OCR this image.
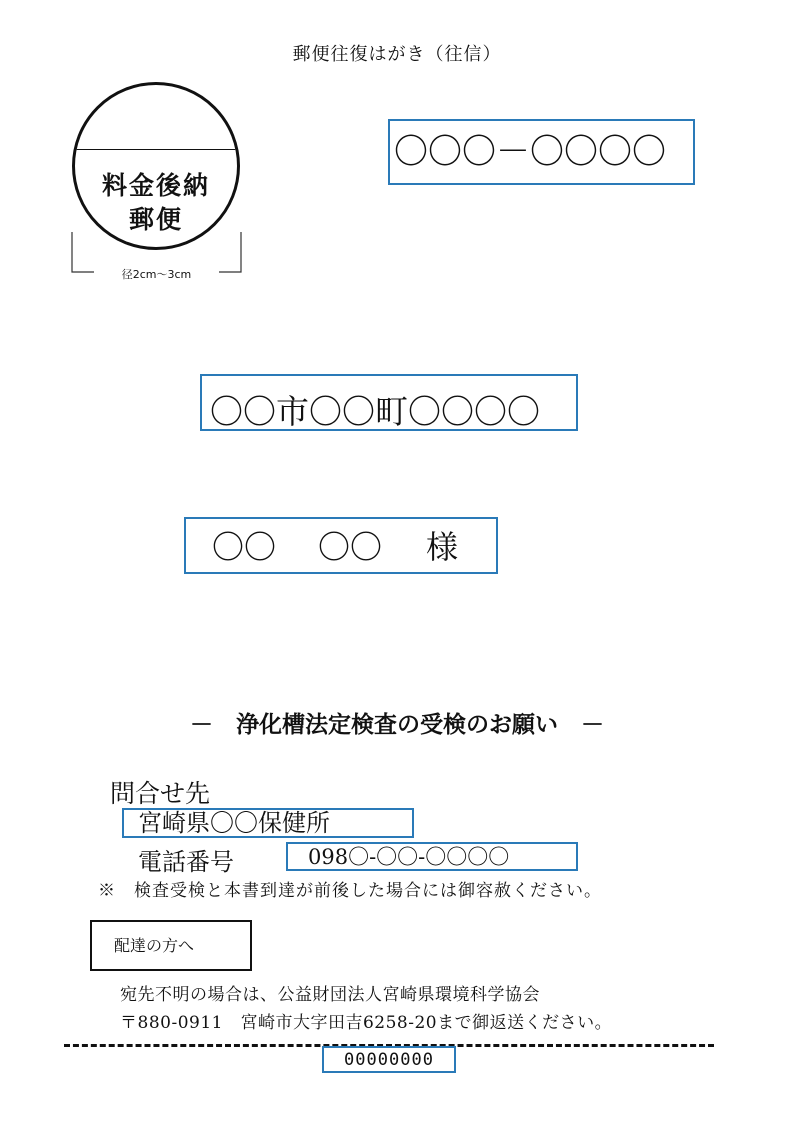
郵便往復はがき（往信）
料金後納
郵便
径2cm～3cm
〇〇〇－〇〇〇〇
〇〇市〇〇町〇〇〇〇
〇〇 〇〇 様
－　浄化槽法定検査の受検のお願い　－
問合せ先
宮崎県〇〇保健所
電話番号	098〇-〇〇-〇〇〇〇
※　検査受検と本書到達が前後した場合には御容赦ください。
配達の方へ
宛先不明の場合は、公益財団法人宮崎県環境科学協会
〒880-0911　宮崎市大字田吉6258-20まで御返送ください。
00000000
